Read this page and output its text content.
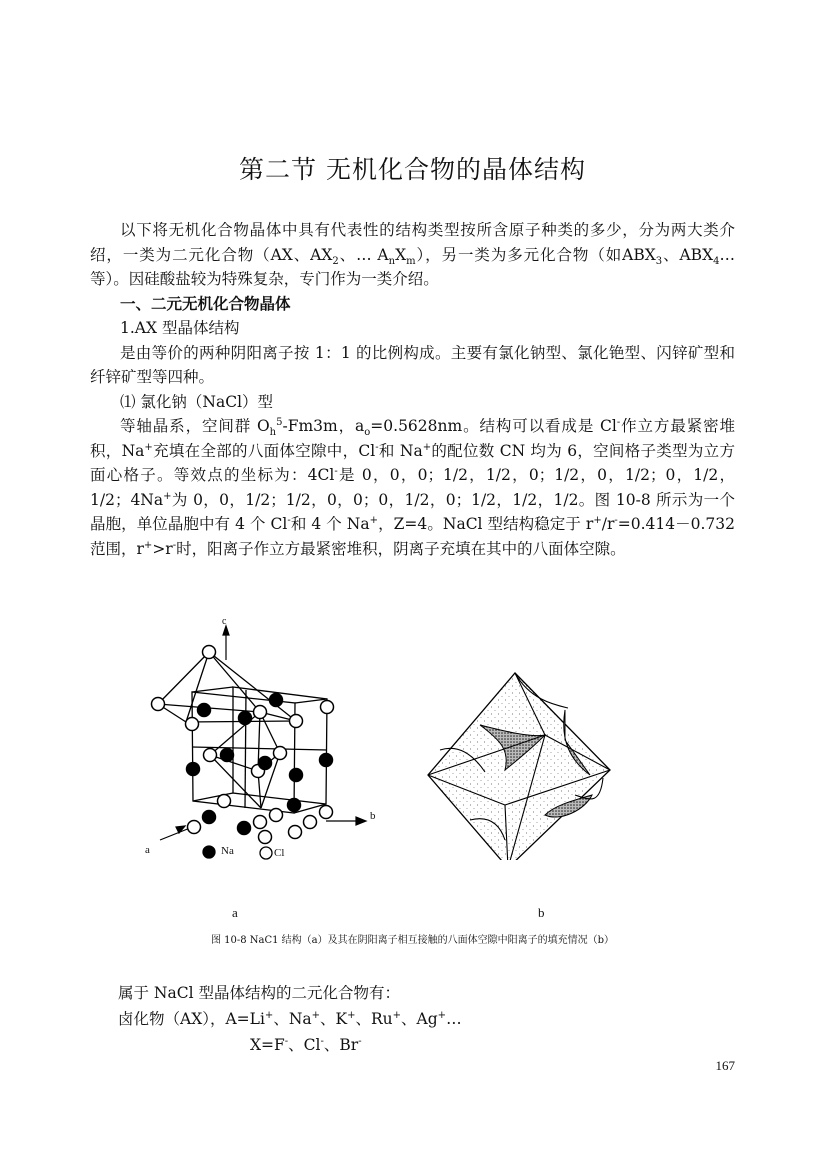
第二节 无机化合物的晶体结构

以下将无机化合物晶体中具有代表性的结构类型按所含原子种类的多少，分为两大类介绍，一类为二元化合物（AX、$AX_2$、… $A_nX_m$），另一类为多元化合物（如$ABX_3$、$ABX_4\dots$等）。因硅酸盐较为特殊复杂，专门作为一类介绍。

一、二元无机化合物晶体

1.AX 型晶体结构

是由等价的两种阴阳离子按 1：1 的比例构成。主要有氯化钠型、氯化铯型、闪锌矿型和纤锌矿型等四种。

⑴ 氯化钠（NaCl）型

等轴晶系，空间群 $O_h^5-Fm3m$，$a_o=0.5628nm$。结构可以看成是 Cl-作立方最紧密堆积，Na+充填在全部的八面体空隙中，Cl-和 Na+的配位数 CN 均为 6，空间格子类型为立方面心格子。等效点的坐标为：4Cl-是 0，0，0；1/2，1/2，0；1/2，0，1/2；0，1/2，1/2；4Na+为 0，0，1/2；1/2，0，0；0，1/2，0；1/2，1/2，1/2。图 10-8 所示为一个晶胞，单位晶胞中有 4 个 Cl-和 4 个 Na+，Z=4。NaCl 型结构稳定于 r+/r-=0.414－0.732 范围，r+>r-时，阳离子作立方最紧密堆积，阴离子充填在其中的八面体空隙。

c
b
a	Na	Cl
a	b
图 10-8 NaC1 结构（a）及其在阴阳离子相互接触的八面体空隙中阳离子的填充情况（b）
属于 NaCl 型晶体结构的二元化合物有：
卤化物（AX），A=Li+、Na+、K+、Ru+、Ag+…
X=F-、Cl-、Br-
167
